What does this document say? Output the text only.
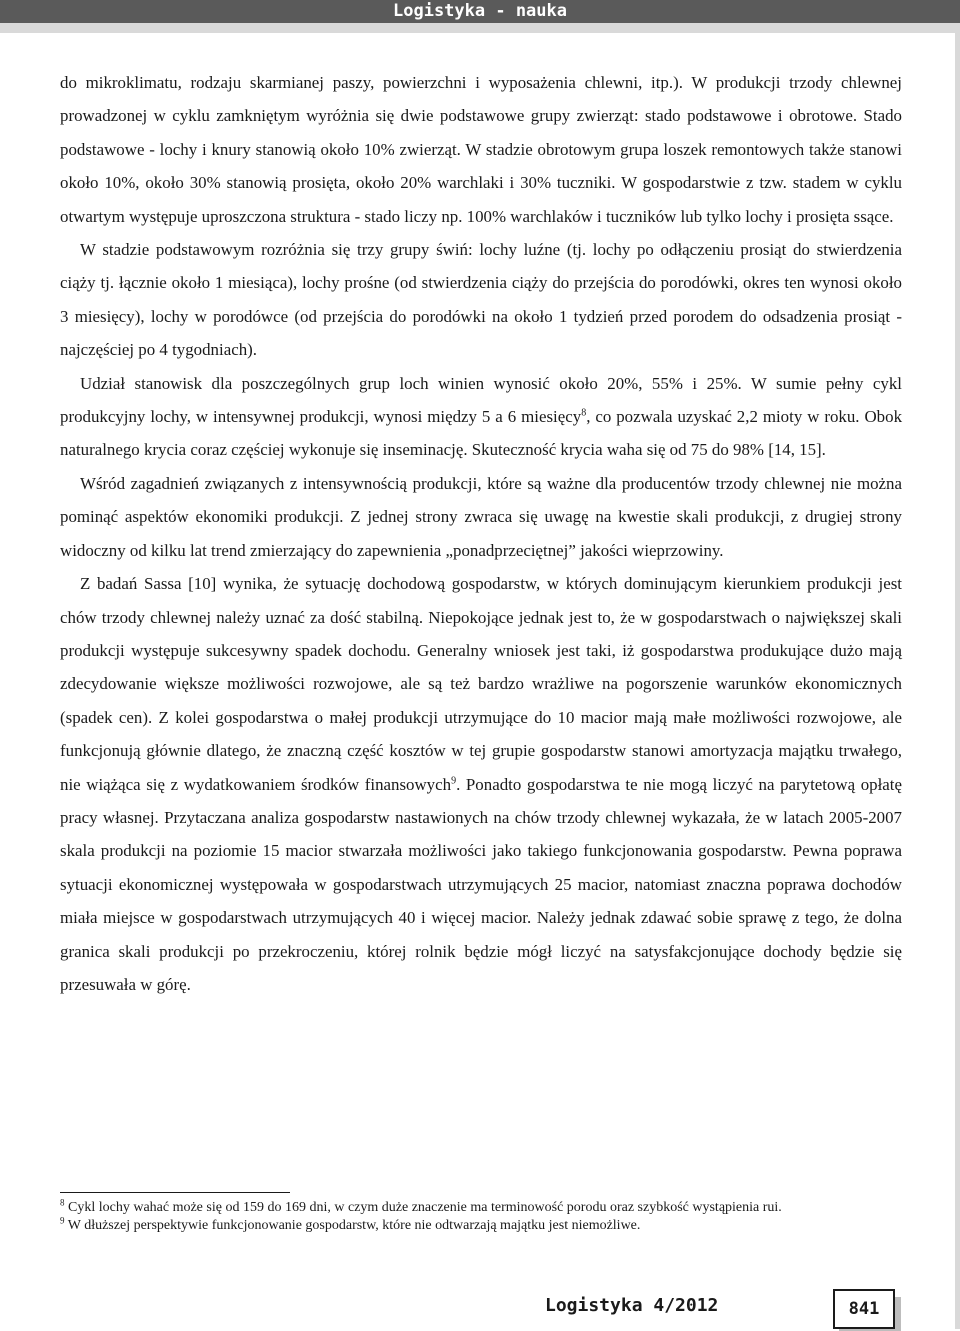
Logistyka - nauka

do mikroklimatu, rodzaju skarmianej paszy, powierzchni i wyposażenia chlewni, itp.). W produkcji trzody chlewnej prowadzonej w cyklu zamkniętym wyróżnia się dwie podstawowe grupy zwierząt: stado podstawowe i obrotowe. Stado podstawowe - lochy i knury stanowią około 10% zwierząt. W stadzie obrotowym grupa loszek remontowych także stanowi około 10%, około 30% stanowią prosięta, około 20% warchlaki i 30% tuczniki. W gospodarstwie z tzw. stadem w cyklu otwartym występuje uproszczona struktura - stado liczy np. 100% warchlaków i tuczników lub tylko lochy i prosięta ssące.

W stadzie podstawowym rozróżnia się trzy grupy świń: lochy luźne (tj. lochy po odłączeniu prosiąt do stwierdzenia ciąży tj. łącznie około 1 miesiąca), lochy prośne (od stwierdzenia ciąży do przejścia do porodówki, okres ten wynosi około 3 miesięcy), lochy w porodówce (od przejścia do porodówki na około 1 tydzień przed porodem do odsadzenia prosiąt - najczęściej po 4 tygodniach).

Udział stanowisk dla poszczególnych grup loch winien wynosić około 20%, 55% i 25%. W sumie pełny cykl produkcyjny lochy, w intensywnej produkcji, wynosi między 5 a 6 miesięcy$^8$, co pozwala uzyskać 2,2 mioty w roku. Obok naturalnego krycia coraz częściej wykonuje się inseminację. Skuteczność krycia waha się od 75 do 98% [14, 15].

Wśród zagadnień związanych z intensywnością produkcji, które są ważne dla producentów trzody chlewnej nie można pominąć aspektów ekonomiki produkcji. Z jednej strony zwraca się uwagę na kwestie skali produkcji, z drugiej strony widoczny od kilku lat trend zmierzający do zapewnienia „ponadprzeciętnej” jakości wieprzowiny.

Z badań Sassa [10] wynika, że sytuację dochodową gospodarstw, w których dominującym kierunkiem produkcji jest chów trzody chlewnej należy uznać za dość stabilną. Niepokojące jednak jest to, że w gospodarstwach o największej skali produkcji występuje sukcesywny spadek dochodu. Generalny wniosek jest taki, iż gospodarstwa produkujące dużo mają zdecydowanie większe możliwości rozwojowe, ale są też bardzo wrażliwe na pogorszenie warunków ekonomicznych (spadek cen). Z kolei gospodarstwa o małej produkcji utrzymujące do 10 macior mają małe możliwości rozwojowe, ale funkcjonują głównie dlatego, że znaczną część kosztów w tej grupie gospodarstw stanowi amortyzacja majątku trwałego, nie wiążąca się z wydatkowaniem środków finansowych$^9$. Ponadto gospodarstwa te nie mogą liczyć na parytetową opłatę pracy własnej. Przytaczana analiza gospodarstw nastawionych na chów trzody chlewnej wykazała, że w latach 2005-2007 skala produkcji na poziomie 15 macior stwarzała możliwości jako takiego funkcjonowania gospodarstw. Pewna poprawa sytuacji ekonomicznej występowała w gospodarstwach utrzymujących 25 macior, natomiast znaczna poprawa dochodów miała miejsce w gospodarstwach utrzymujących 40 i więcej macior. Należy jednak zdawać sobie sprawę z tego, że dolna granica skali produkcji po przekroczeniu, której rolnik będzie mógł liczyć na satysfakcjonujące dochody będzie się przesuwała w górę.

$^8$ Cykl lochy wahać może się od 159 do 169 dni, w czym duże znaczenie ma terminowość porodu oraz szybkość wystąpienia rui.
$^9$ W dłuższej perspektywie funkcjonowanie gospodarstw, które nie odtwarzają majątku jest niemożliwe.
Logistyka 4/2012	841
